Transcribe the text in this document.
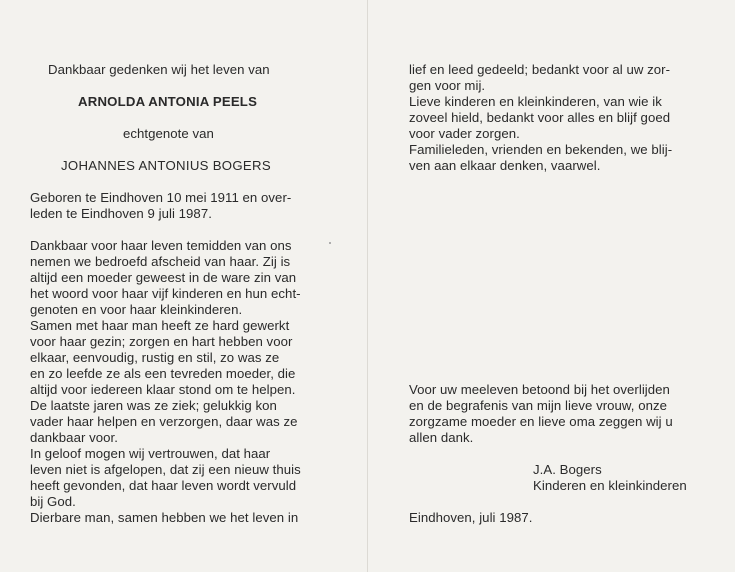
Dankbaar gedenken wij het leven van
ARNOLDA ANTONIA PEELS
echtgenote van
JOHANNES ANTONIUS BOGERS
Geboren te Eindhoven 10 mei 1911 en over-
leden te Eindhoven 9 juli 1987.
Dankbaar voor haar leven temidden van ons
nemen we bedroefd afscheid van haar. Zij is
altijd een moeder geweest in de ware zin van
het woord voor haar vijf kinderen en hun echt-
genoten en voor haar kleinkinderen.
Samen met haar man heeft ze hard gewerkt
voor haar gezin; zorgen en hart hebben voor
elkaar, eenvoudig, rustig en stil, zo was ze
en zo leefde ze als een tevreden moeder, die
altijd voor iedereen klaar stond om te helpen.
De laatste jaren was ze ziek; gelukkig kon
vader haar helpen en verzorgen, daar was ze
dankbaar voor.
In geloof mogen wij vertrouwen, dat haar
leven niet is afgelopen, dat zij een nieuw thuis
heeft gevonden, dat haar leven wordt vervuld
bij God.
Dierbare man, samen hebben we het leven in
lief en leed gedeeld; bedankt voor al uw zor-
gen voor mij.
Lieve kinderen en kleinkinderen, van wie ik
zoveel hield, bedankt voor alles en blijf goed
voor vader zorgen.
Familieleden, vrienden en bekenden, we blij-
ven aan elkaar denken, vaarwel.
Voor uw meeleven betoond bij het overlijden
en de begrafenis van mijn lieve vrouw, onze
zorgzame moeder en lieve oma zeggen wij u
allen dank.
J.A. Bogers
Kinderen en kleinkinderen
Eindhoven, juli 1987.
